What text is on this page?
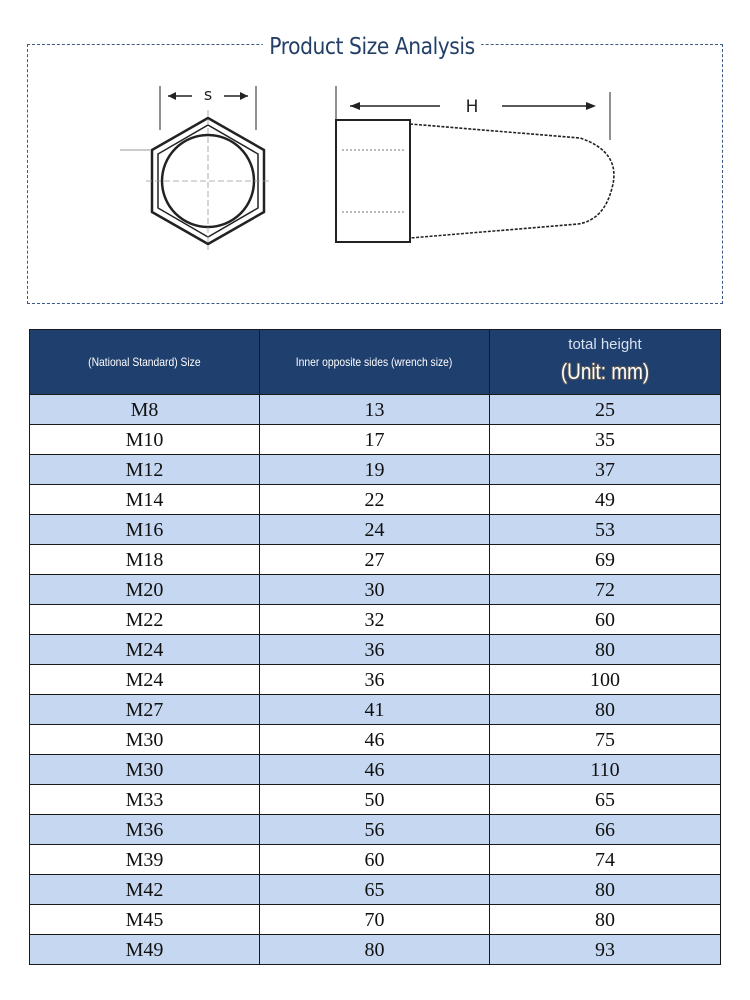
Product Size Analysis
s
H
(National Standard) Size	Inner opposite sides (wrench size)	total height
(Unit: mm)

M8	13	25
M10	17	35
M12	19	37
M14	22	49
M16	24	53
M18	27	69
M20	30	72
M22	32	60
M24	36	80
M24	36	100
M27	41	80
M30	46	75
M30	46	110
M33	50	65
M36	56	66
M39	60	74
M42	65	80
M45	70	80
M49	80	93
